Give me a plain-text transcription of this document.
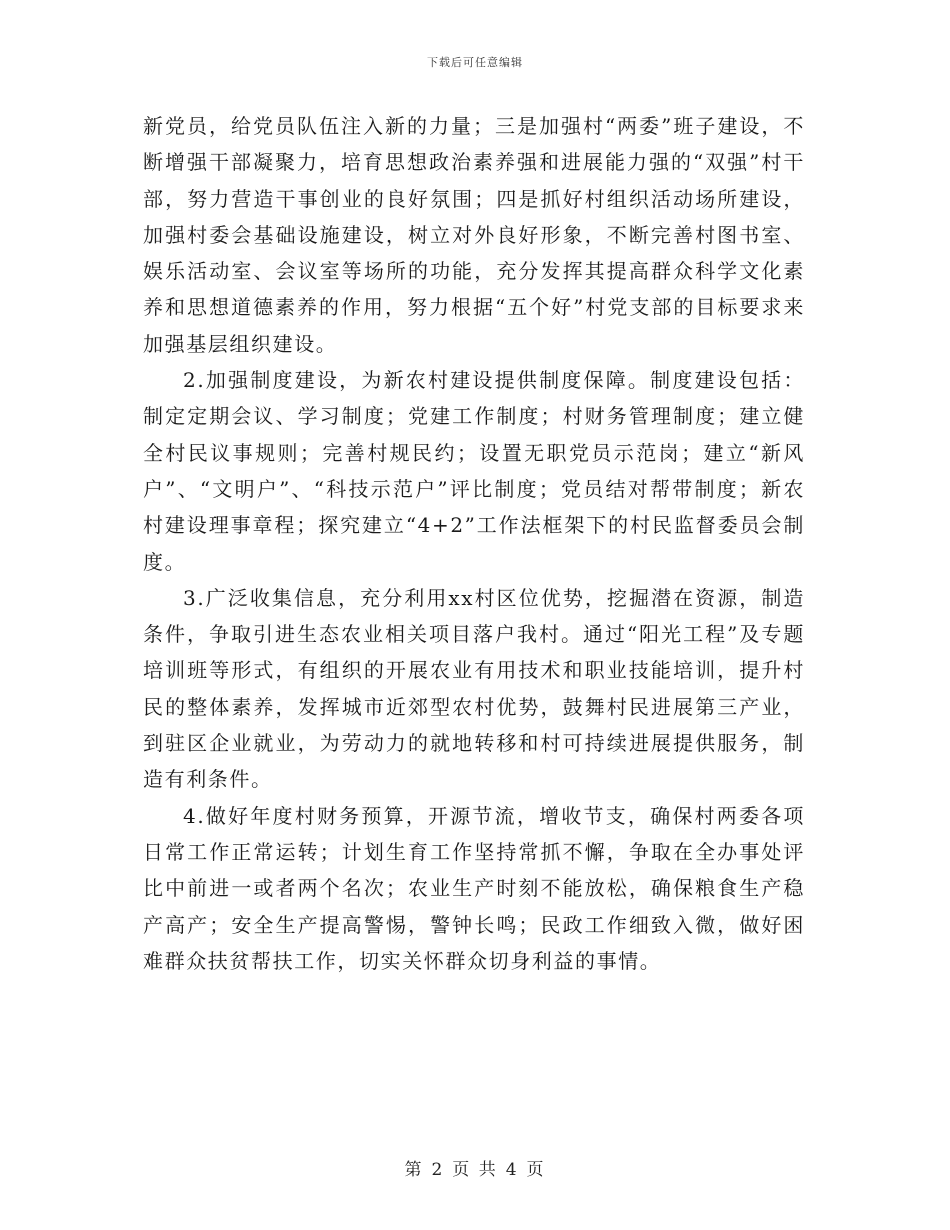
下载后可任意编辑

新党员，给党员队伍注入新的力量；三是加强村“两委”班子建设，不断增强干部凝聚力，培育思想政治素养强和进展能力强的“双强”村干部，努力营造干事创业的良好氛围；四是抓好村组织活动场所建设，加强村委会基础设施建设，树立对外良好形象，不断完善村图书室、娱乐活动室、会议室等场所的功能，充分发挥其提高群众科学文化素养和思想道德素养的作用，努力根据“五个好”村党支部的目标要求来加强基层组织建设。

2.加强制度建设，为新农村建设提供制度保障。制度建设包括：制定定期会议、学习制度；党建工作制度；村财务管理制度；建立健全村民议事规则；完善村规民约；设置无职党员示范岗；建立“新风户”、“文明户”、“科技示范户”评比制度；党员结对帮带制度；新农村建设理事章程；探究建立“4+2”工作法框架下的村民监督委员会制度。

3.广泛收集信息，充分利用xx村区位优势，挖掘潜在资源，制造条件，争取引进生态农业相关项目落户我村。通过“阳光工程”及专题培训班等形式，有组织的开展农业有用技术和职业技能培训，提升村民的整体素养，发挥城市近郊型农村优势，鼓舞村民进展第三产业，到驻区企业就业，为劳动力的就地转移和村可持续进展提供服务，制造有利条件。

4.做好年度村财务预算，开源节流，增收节支，确保村两委各项日常工作正常运转；计划生育工作坚持常抓不懈，争取在全办事处评比中前进一或者两个名次；农业生产时刻不能放松，确保粮食生产稳产高产；安全生产提高警惕，警钟长鸣；民政工作细致入微，做好困难群众扶贫帮扶工作，切实关怀群众切身利益的事情。

第 2 页 共 4 页
